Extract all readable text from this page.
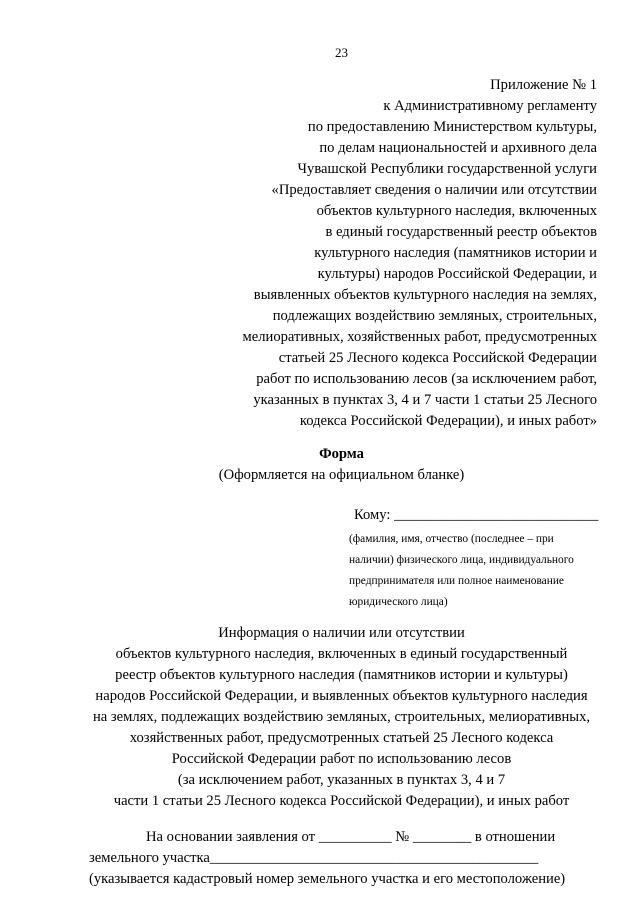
23
Приложение № 1
к Административному регламенту
по предоставлению Министерством культуры,
по делам национальностей и архивного дела
Чувашской Республики государственной услуги
«Предоставляет сведения о наличии или отсутствии
объектов культурного наследия, включенных
в единый государственный реестр объектов
культурного наследия (памятников истории и
культуры) народов Российской Федерации, и
выявленных объектов культурного наследия на землях,
подлежащих воздействию земляных, строительных,
мелиоративных, хозяйственных работ, предусмотренных
статьей 25 Лесного кодекса Российской Федерации
работ по использованию лесов (за исключением работ,
указанных в пунктах 3, 4 и 7 части 1 статьи 25 Лесного
кодекса Российской Федерации), и иных работ»
Форма
(Оформляется на официальном бланке)
Кому: ____________________________
(фамилия, имя, отчество (последнее – при
наличии) физического лица, индивидуального
предпринимателя или полное наименование
юридического лица)
Информация о наличии или отсутствии
объектов культурного наследия, включенных в единый государственный
реестр объектов культурного наследия (памятников истории и культуры)
народов Российской Федерации, и выявленных объектов культурного наследия
на землях, подлежащих воздействию земляных, строительных, мелиоративных,
хозяйственных работ, предусмотренных статьей 25 Лесного кодекса
Российской Федерации работ по использованию лесов
(за исключением работ, указанных в пунктах 3, 4 и 7
части 1 статьи 25 Лесного кодекса Российской Федерации), и иных работ
На основании заявления от __________ № ________ в отношении
земельного участка_____________________________________________
(указывается кадастровый номер земельного участка и его местоположение)
